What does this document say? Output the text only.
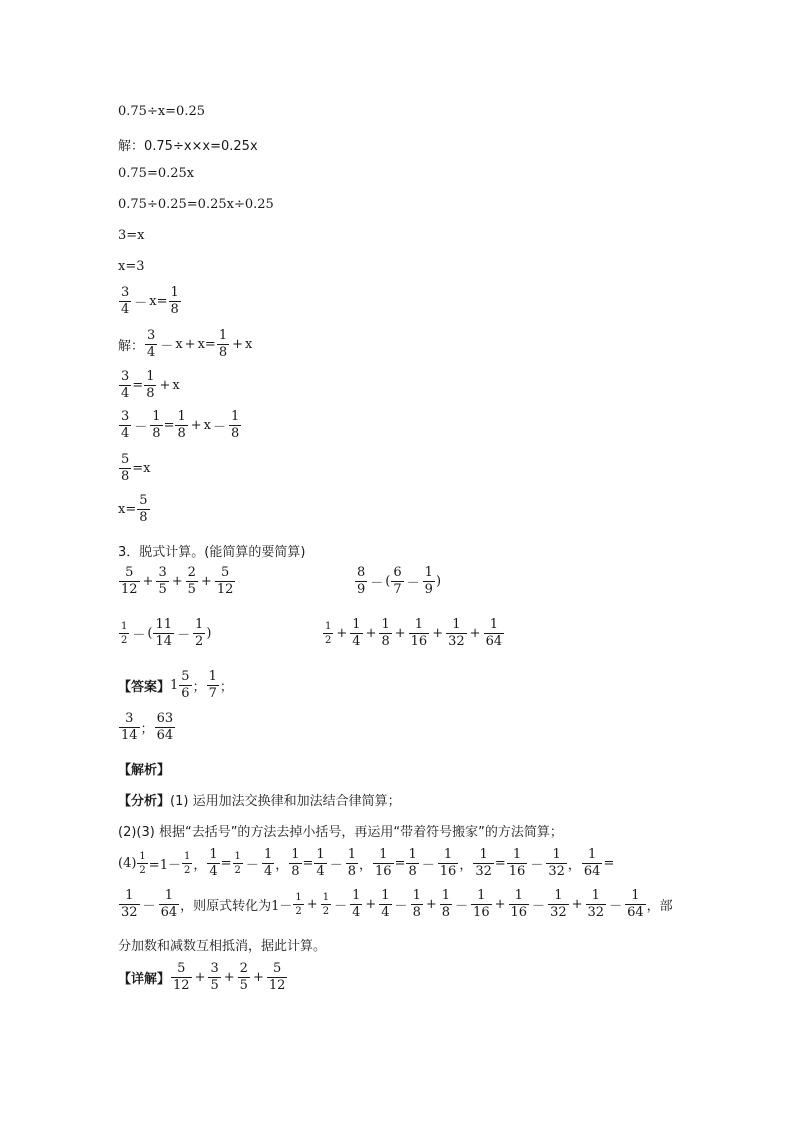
0.75÷x=0.25
解：0.75÷x×x=0.25x
0.75=0.25x
0.75÷0.25=0.25x÷0.25
3=x
x=3
$\frac{3}{4} - x= \frac{1}{8}$
解： $\frac{3}{4} - x + x = \frac{1}{8} + x$
$\frac{3}{4} = \frac{1}{8} + x$
$\frac{3}{4} - \frac{1}{8} = \frac{1}{8} + x - \frac{1}{8}$
$\frac{5}{8} =x$
$x= \frac{5}{8}$
3．脱式计算。(能简算的要简算)
$\frac{5}{12} + \frac{3}{5} + \frac{2}{5} + \frac{5}{12}$	$\frac{8}{9}$ － ( $\frac{6}{7} - \frac{1}{9}$ )
$\frac{1}{2}$ － ( $\frac{11}{14} - \frac{1}{2}$ )	$\frac{1}{2} + \frac{1}{4} + \frac{1}{8} + \frac{1}{16} + \frac{1}{32} + \frac{1}{64}$
【答案】 $1 \frac{5}{6}$ ； $\frac{1}{7}$ ；
$\frac{3}{14}$ ； $\frac{63}{64}$
【解析】
【分析】 (1) 运用加法交换律和加法结合律简算；
(2)(3) 根据“去括号”的方法去掉小括号，再运用“带着符号搬家”的方法简算；
$(4) \frac{1}{2} =1- \frac{1}{2}$ ， $\frac{1}{4} = \frac{1}{2} - \frac{1}{4}$ ， $\frac{1}{8} = \frac{1}{4} - \frac{1}{8}$ ， $\frac{1}{16} = \frac{1}{8} - \frac{1}{16}$ ， $\frac{1}{32} = \frac{1}{16} - \frac{1}{32}$ ， $\frac{1}{64}$ =
$\frac{1}{32} - \frac{1}{64}$ ，则原式转化为 $1- \frac{1}{2} + \frac{1}{2} - \frac{1}{4} + \frac{1}{4} - \frac{1}{8} + \frac{1}{8} - \frac{1}{16} + \frac{1}{16} - \frac{1}{32} + \frac{1}{32} - \frac{1}{64}$ ，部
分加数和减数互相抵消，据此计算。
【详解】 $\frac{5}{12} + \frac{3}{5} + \frac{2}{5} + \frac{5}{12}$
